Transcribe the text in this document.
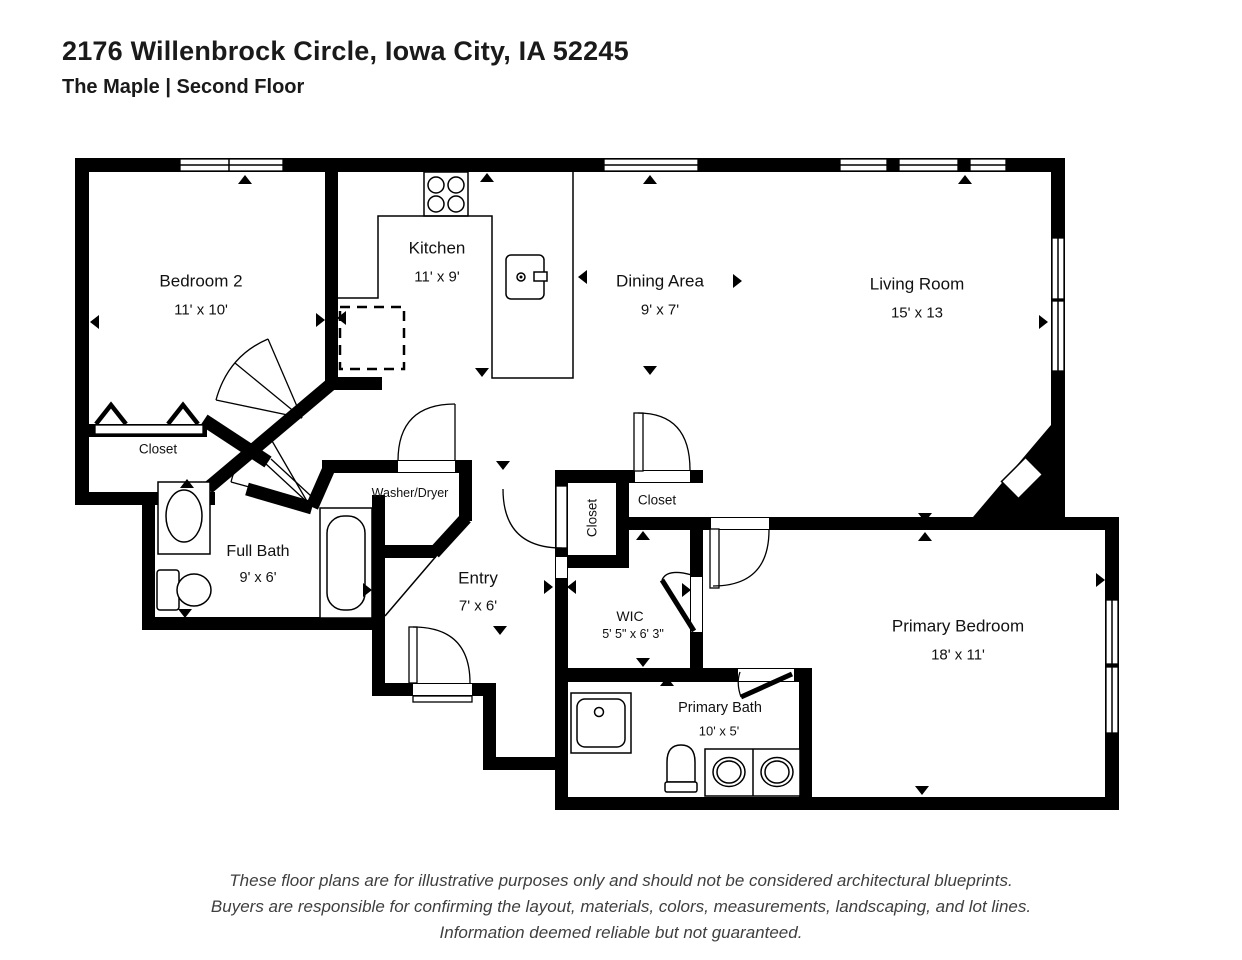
2176 Willenbrock Circle, Iowa City, IA 52245
The Maple | Second Floor
Bedroom 2
11' x 10'
Kitchen
11' x 9'	Dining Area
9' x 7'
Living Room
15' x 13
Closet
Full Bath
9' x 6'
Washer/Dryer
Entry
7' x 6'
Closet	Closet
WIC
5' 5" x 6' 3"	Primary Bedroom
18' x 11'
Primary Bath
10' x 5'
These floor plans are for illustrative purposes only and should not be considered architectural blueprints.
Buyers are responsible for confirming the layout, materials, colors, measurements, landscaping, and lot lines.
Information deemed reliable but not guaranteed.
